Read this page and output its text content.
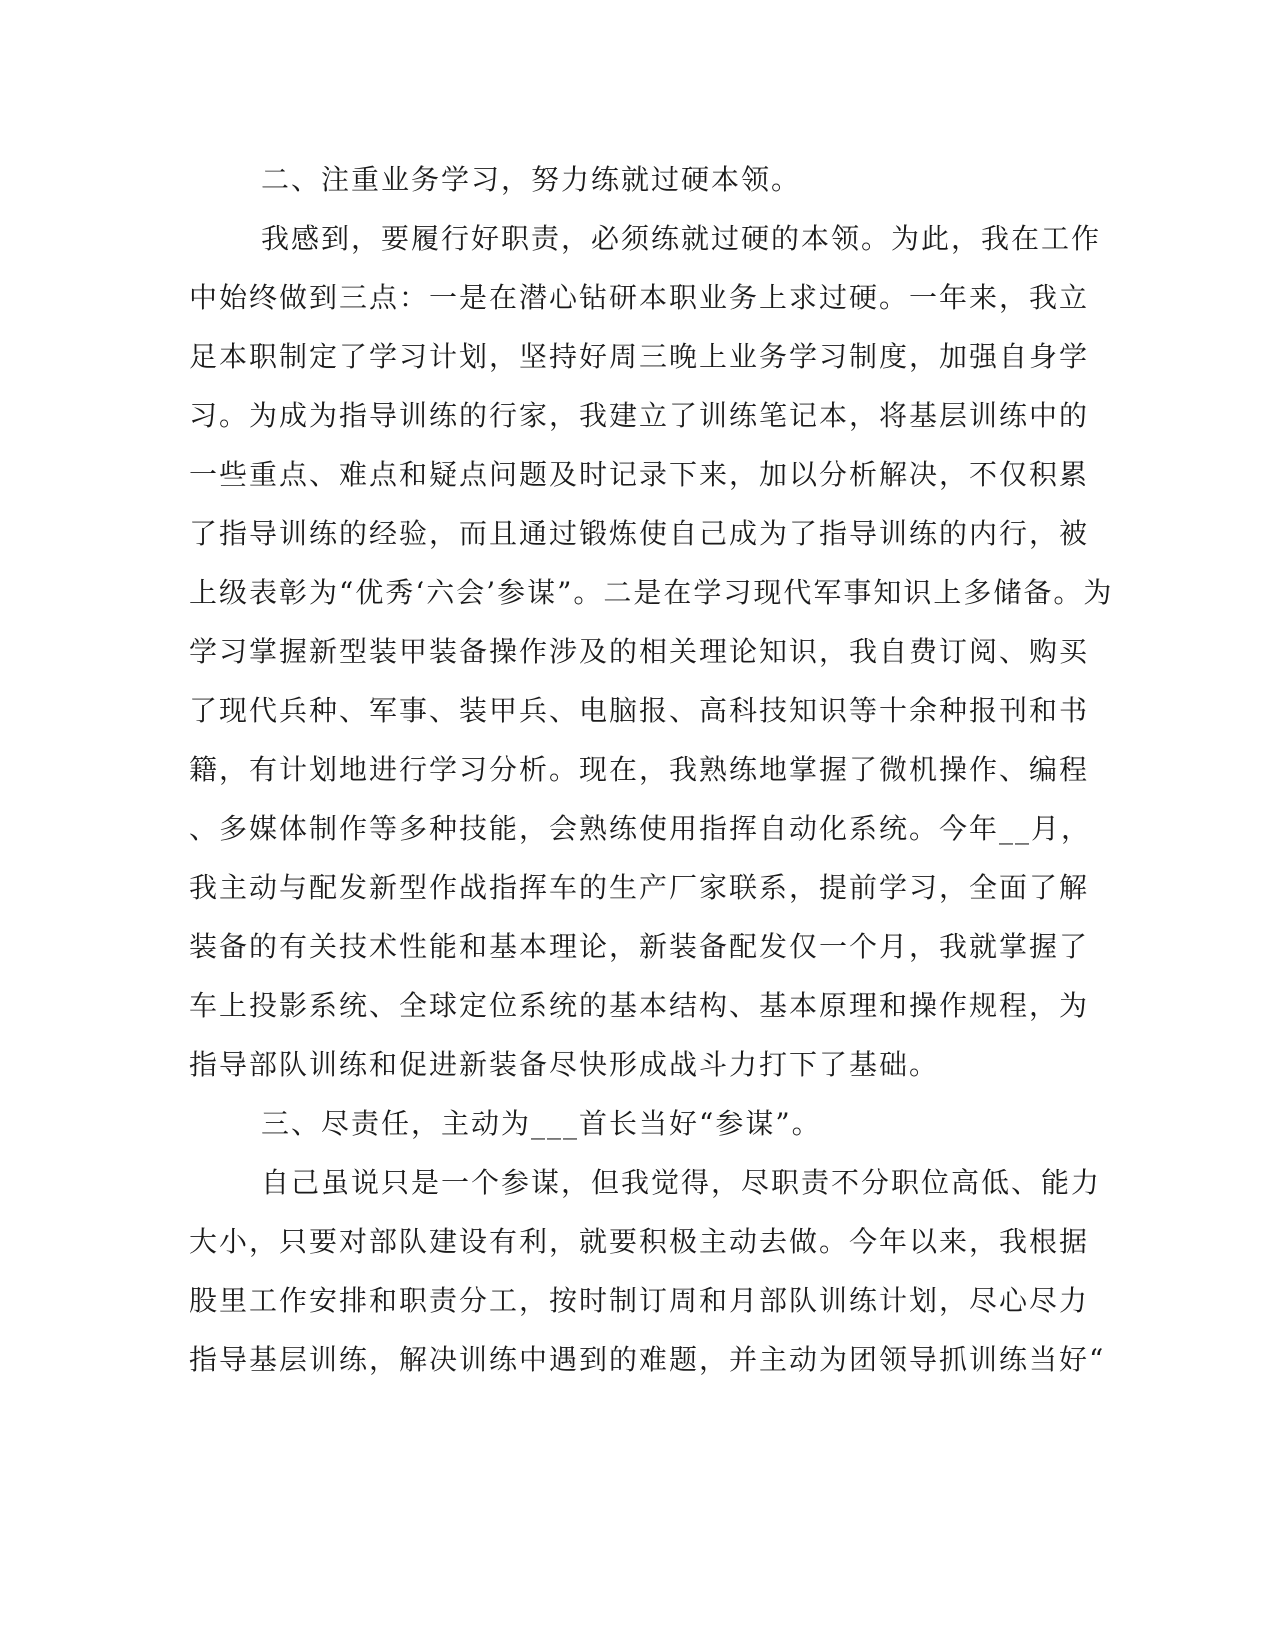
二、注重业务学习，努力练就过硬本领。
我感到，要履行好职责，必须练就过硬的本领。为此，我在工作
中始终做到三点：一是在潜心钻研本职业务上求过硬。一年来，我立
足本职制定了学习计划，坚持好周三晚上业务学习制度，加强自身学
习。为成为指导训练的行家，我建立了训练笔记本，将基层训练中的
一些重点、难点和疑点问题及时记录下来，加以分析解决，不仅积累
了指导训练的经验，而且通过锻炼使自己成为了指导训练的内行，被
上级表彰为“优秀‘六会’参谋”。二是在学习现代军事知识上多储备。为
学习掌握新型装甲装备操作涉及的相关理论知识，我自费订阅、购买
了现代兵种、军事、装甲兵、电脑报、高科技知识等十余种报刊和书
籍，有计划地进行学习分析。现在，我熟练地掌握了微机操作、编程
、多媒体制作等多种技能，会熟练使用指挥自动化系统。今年__月，
我主动与配发新型作战指挥车的生产厂家联系，提前学习，全面了解
装备的有关技术性能和基本理论，新装备配发仅一个月，我就掌握了
车上投影系统、全球定位系统的基本结构、基本原理和操作规程，为
指导部队训练和促进新装备尽快形成战斗力打下了基础。
三、尽责任，主动为___首长当好“参谋”。
自己虽说只是一个参谋，但我觉得，尽职责不分职位高低、能力
大小，只要对部队建设有利，就要积极主动去做。今年以来，我根据
股里工作安排和职责分工，按时制订周和月部队训练计划，尽心尽力
指导基层训练，解决训练中遇到的难题，并主动为团领导抓训练当好“
